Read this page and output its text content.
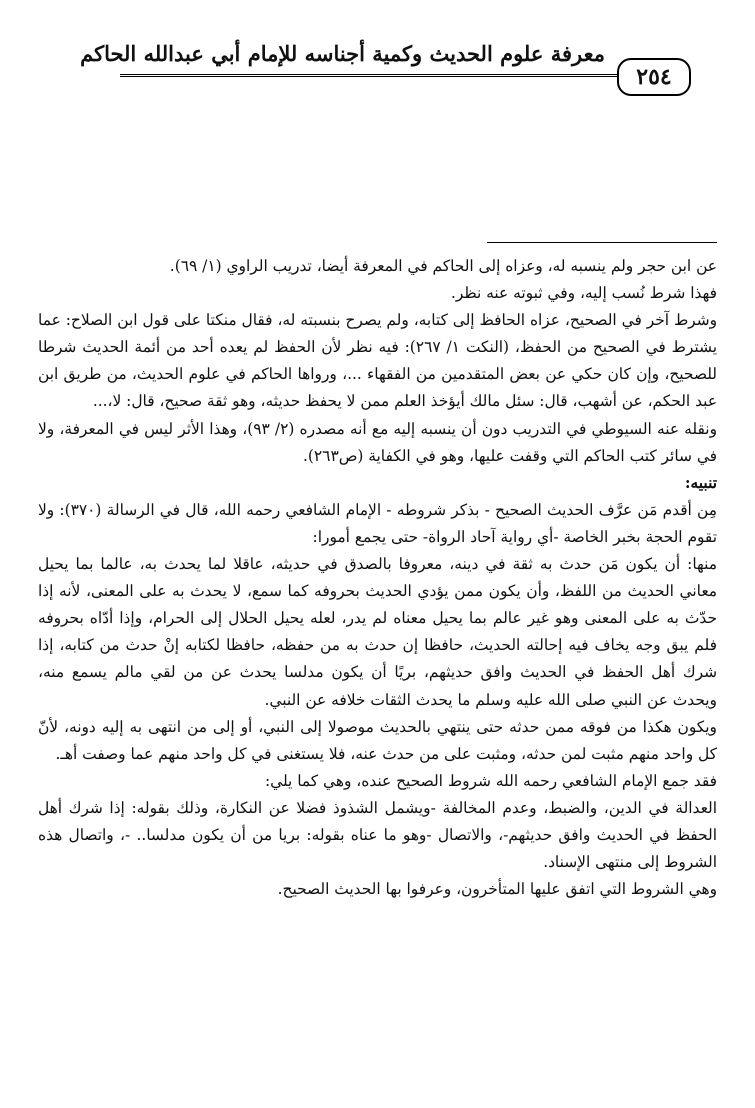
معرفة علوم الحديث وكمية أجناسه للإمام أبي عبدالله الحاكم
٢٥٤

عن ابن حجر ولم ينسبه له، وعزاه إلى الحاكم في المعرفة أيضا، تدريب الراوي (١/ ٦٩).

فهذا شرط نُسب إليه، وفي ثبوته عنه نظر.

وشرط آخر في الصحيح، عزاه الحافظ إلى كتابه، ولم يصرح بنسبته له، فقال منكتا على قول ابن الصلاح: عما يشترط في الصحيح من الحفظ، (النكت ١/ ٢٦٧): فيه نظر لأن الحفظ لم يعده أحد من أئمة الحديث شرطا للصحيح، وإن كان حكي عن بعض المتقدمين من الفقهاء ...، ورواها الحاكم في علوم الحديث، من طريق ابن عبد الحكم، عن أشهب، قال: سئل مالك أيؤخذ العلم ممن لا يحفظ حديثه، وهو ثقة صحيح، قال: لا،...

ونقله عنه السيوطي في التدريب دون أن ينسبه إليه مع أنه مصدره (٢/ ٩٣)، وهذا الأثر ليس في المعرفة، ولا في سائر كتب الحاكم التي وقفت عليها، وهو في الكفاية (ص٢٦٣).

تنبيه:

مِن أقدم مَن عرَّف الحديث الصحيح - بذكر شروطه - الإمام الشافعي رحمه الله، قال في الرسالة (٣٧٠): ولا تقوم الحجة بخبر الخاصة -أي رواية آحاد الرواة- حتى يجمع أمورا:

منها: أن يكون مَن حدث به ثقة في دينه، معروفا بالصدق في حديثه، عاقلا لما يحدث به، عالما بما يحيل معاني الحديث من اللفظ، وأن يكون ممن يؤدي الحديث بحروفه كما سمع، لا يحدث به على المعنى، لأنه إذا حدّث به على المعنى وهو غير عالم بما يحيل معناه لم يدر، لعله يحيل الحلال إلى الحرام، وإذا أدّاه بحروفه فلم يبق وجه يخاف فيه إحالته الحديث، حافظا إن حدث به من حفظه، حافظا لكتابه إنْ حدث من كتابه، إذا شرك أهل الحفظ في الحديث وافق حديثهم، بريًا أن يكون مدلسا يحدث عن من لقي مالم يسمع منه، ويحدث عن النبي صلى الله عليه وسلم ما يحدث الثقات خلافه عن النبي.

ويكون هكذا من فوقه ممن حدثه حتى ينتهي بالحديث موصولا إلى النبي، أو إلى من انتهى به إليه دونه، لأنّ كل واحد منهم مثبت لمن حدثه، ومثبت على من حدث عنه، فلا يستغنى في كل واحد منهم عما وصفت أهـ.

فقد جمع الإمام الشافعي رحمه الله شروط الصحيح عنده، وهي كما يلي:

العدالة في الدين، والضبط، وعدم المخالفة -ويشمل الشذوذ فضلا عن النكارة، وذلك بقوله: إذا شرك أهل الحفظ في الحديث وافق حديثهم-، والاتصال -وهو ما عناه بقوله: بريا من أن يكون مدلسا.. -، واتصال هذه الشروط إلى منتهى الإسناد.

وهي الشروط التي اتفق عليها المتأخرون، وعرفوا بها الحديث الصحيح.
